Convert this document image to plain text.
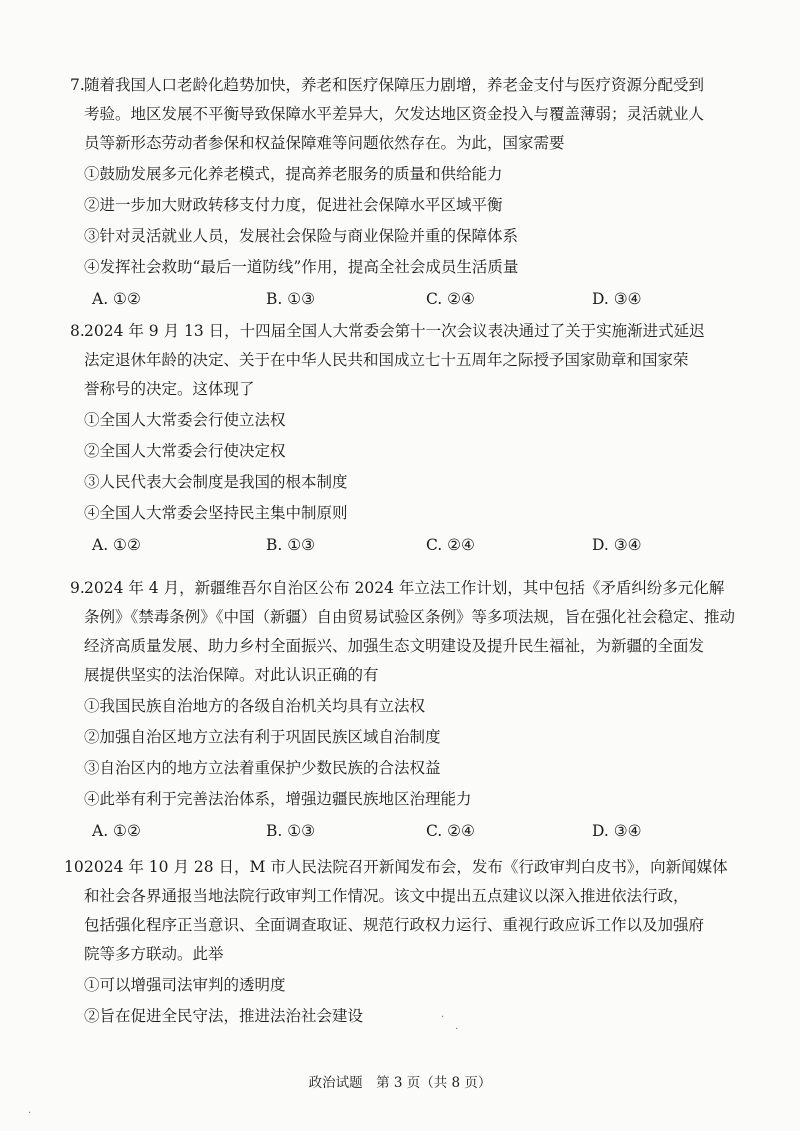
7. 随着我国人口老龄化趋势加快，养老和医疗保障压力剧增，养老金支付与医疗资源分配受到
考验。地区发展不平衡导致保障水平差异大，欠发达地区资金投入与覆盖薄弱；灵活就业人
员等新形态劳动者参保和权益保障难等问题依然存在。为此，国家需要
①鼓励发展多元化养老模式，提高养老服务的质量和供给能力
②进一步加大财政转移支付力度，促进社会保障水平区域平衡
③针对灵活就业人员，发展社会保险与商业保险并重的保障体系
④发挥社会救助“最后一道防线”作用，提高全社会成员生活质量
A. ①②	B. ①③	C. ②④	D. ③④
8. 2024 年 9 月 13 日，十四届全国人大常委会第十一次会议表决通过了关于实施渐进式延迟
法定退休年龄的决定、关于在中华人民共和国成立七十五周年之际授予国家勋章和国家荣
誉称号的决定。这体现了
①全国人大常委会行使立法权
②全国人大常委会行使决定权
③人民代表大会制度是我国的根本制度
④全国人大常委会坚持民主集中制原则
A. ①②	B. ①③	C. ②④	D. ③④
9. 2024 年 4 月，新疆维吾尔自治区公布 2024 年立法工作计划，其中包括《矛盾纠纷多元化解
条例》《禁毒条例》《中国（新疆）自由贸易试验区条例》等多项法规，旨在强化社会稳定、推动
经济高质量发展、助力乡村全面振兴、加强生态文明建设及提升民生福祉，为新疆的全面发
展提供坚实的法治保障。对此认识正确的有
①我国民族自治地方的各级自治机关均具有立法权
②加强自治区地方立法有利于巩固民族区域自治制度
③自治区内的地方立法着重保护少数民族的合法权益
④此举有利于完善法治体系，增强边疆民族地区治理能力
A. ①②	B. ①③	C. ②④	D. ③④
10.
2024 年 10 月 28 日，M 市人民法院召开新闻发布会，发布《行政审判白皮书》，向新闻媒体
和社会各界通报当地法院行政审判工作情况。该文中提出五点建议以深入推进依法行政，
包括强化程序正当意识、全面调查取证、规范行政权力运行、重视行政应诉工作以及加强府
院等多方联动。此举
①可以增强司法审判的透明度
②旨在促进全民守法，推进法治社会建设	·
·
·
政治试题　第 3 页（共 8 页）
